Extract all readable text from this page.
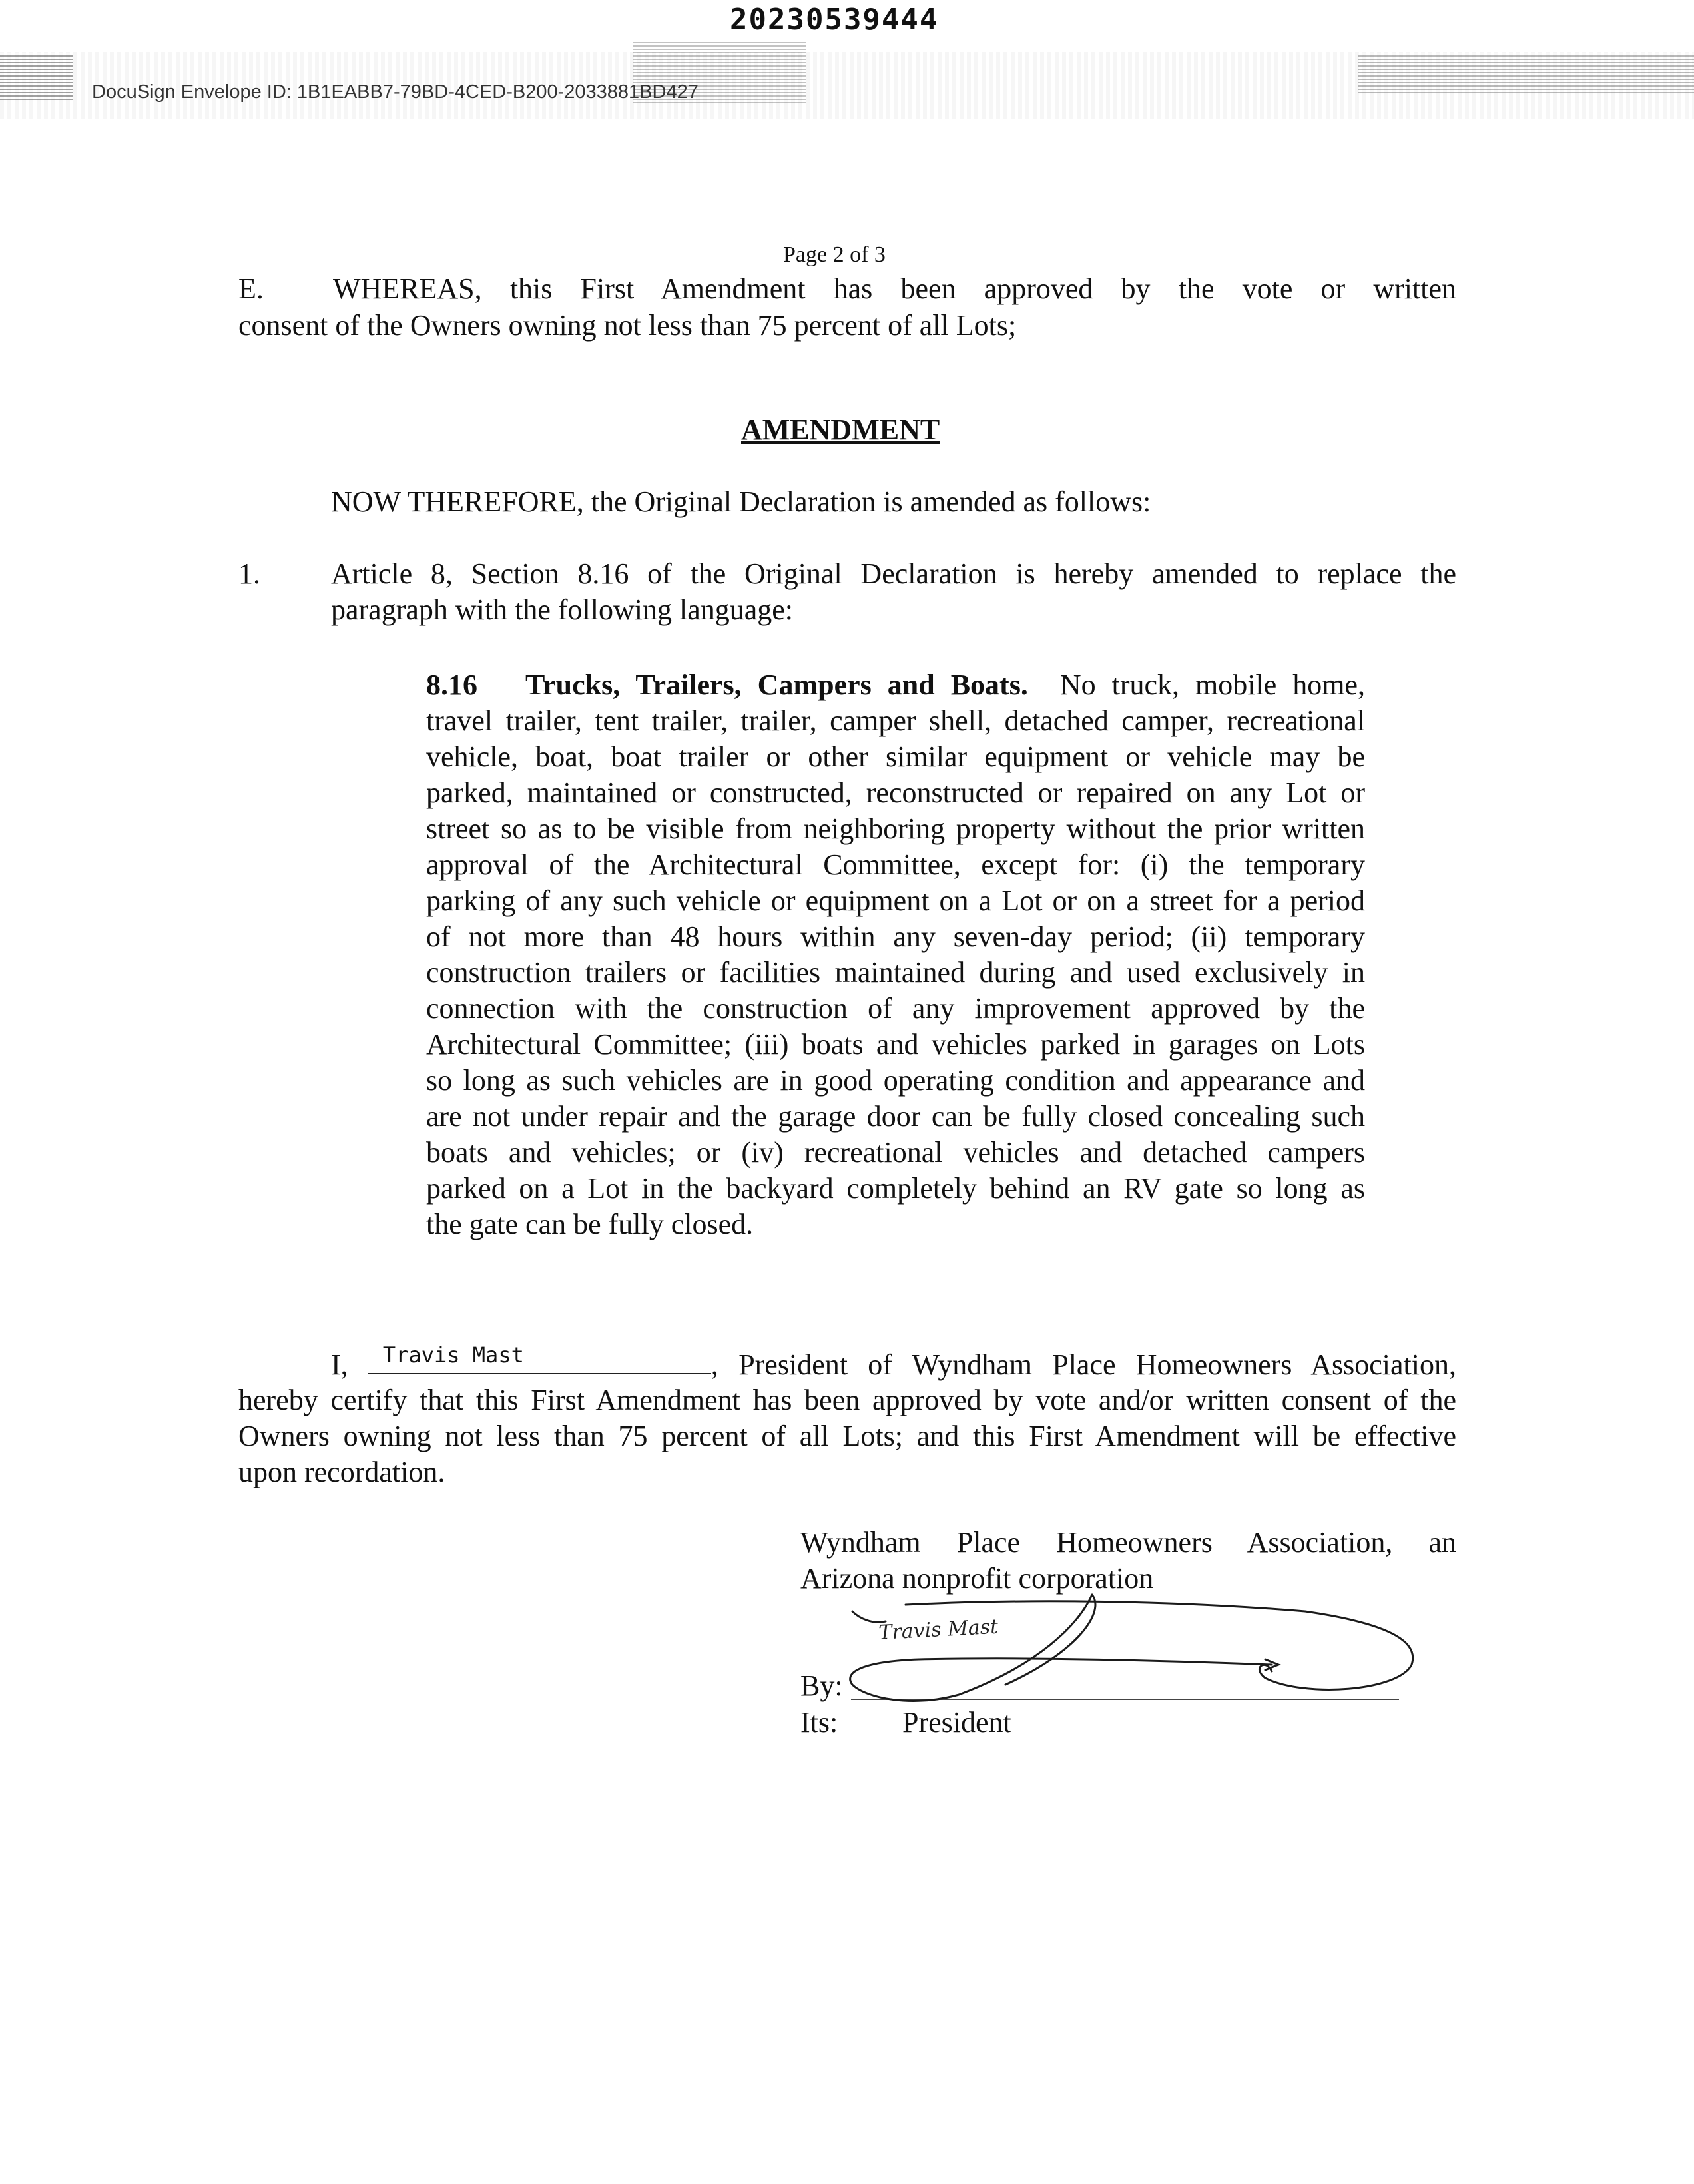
20230539444
DocuSign Envelope ID: 1B1EABB7-79BD-4CED-B200-2033881BD427
Page 2 of 3
E. WHEREAS, this First Amendment has been approved by the vote or written
consent of the Owners owning not less than 75 percent of all Lots;
AMENDMENT
NOW THEREFORE, the Original Declaration is amended as follows:
1. Article 8, Section 8.16 of the Original Declaration is hereby amended to replace the
paragraph with the following language:
8.16 Trucks, Trailers, Campers and Boats. No truck, mobile home,
travel trailer, tent trailer, trailer, camper shell, detached camper, recreational
vehicle, boat, boat trailer or other similar equipment or vehicle may be
parked, maintained or constructed, reconstructed or repaired on any Lot or
street so as to be visible from neighboring property without the prior written
approval of the Architectural Committee, except for: (i) the temporary
parking of any such vehicle or equipment on a Lot or on a street for a period
of not more than 48 hours within any seven-day period; (ii) temporary
construction trailers or facilities maintained during and used exclusively in
connection with the construction of any improvement approved by the
Architectural Committee; (iii) boats and vehicles parked in garages on Lots
so long as such vehicles are in good operating condition and appearance and
are not under repair and the garage door can be fully closed concealing such
boats and vehicles; or (iv) recreational vehicles and detached campers
parked on a Lot in the backyard completely behind an RV gate so long as
the gate can be fully closed.
I, Travis Mast	, President of Wyndham Place Homeowners Association,
hereby certify that this First Amendment has been approved by vote and/or written consent of the
Owners owning not less than 75 percent of all Lots; and this First Amendment will be effective
upon recordation.
Wyndham Place Homeowners Association, an
Arizona nonprofit corporation
By:
Its: President
Travis Mast
